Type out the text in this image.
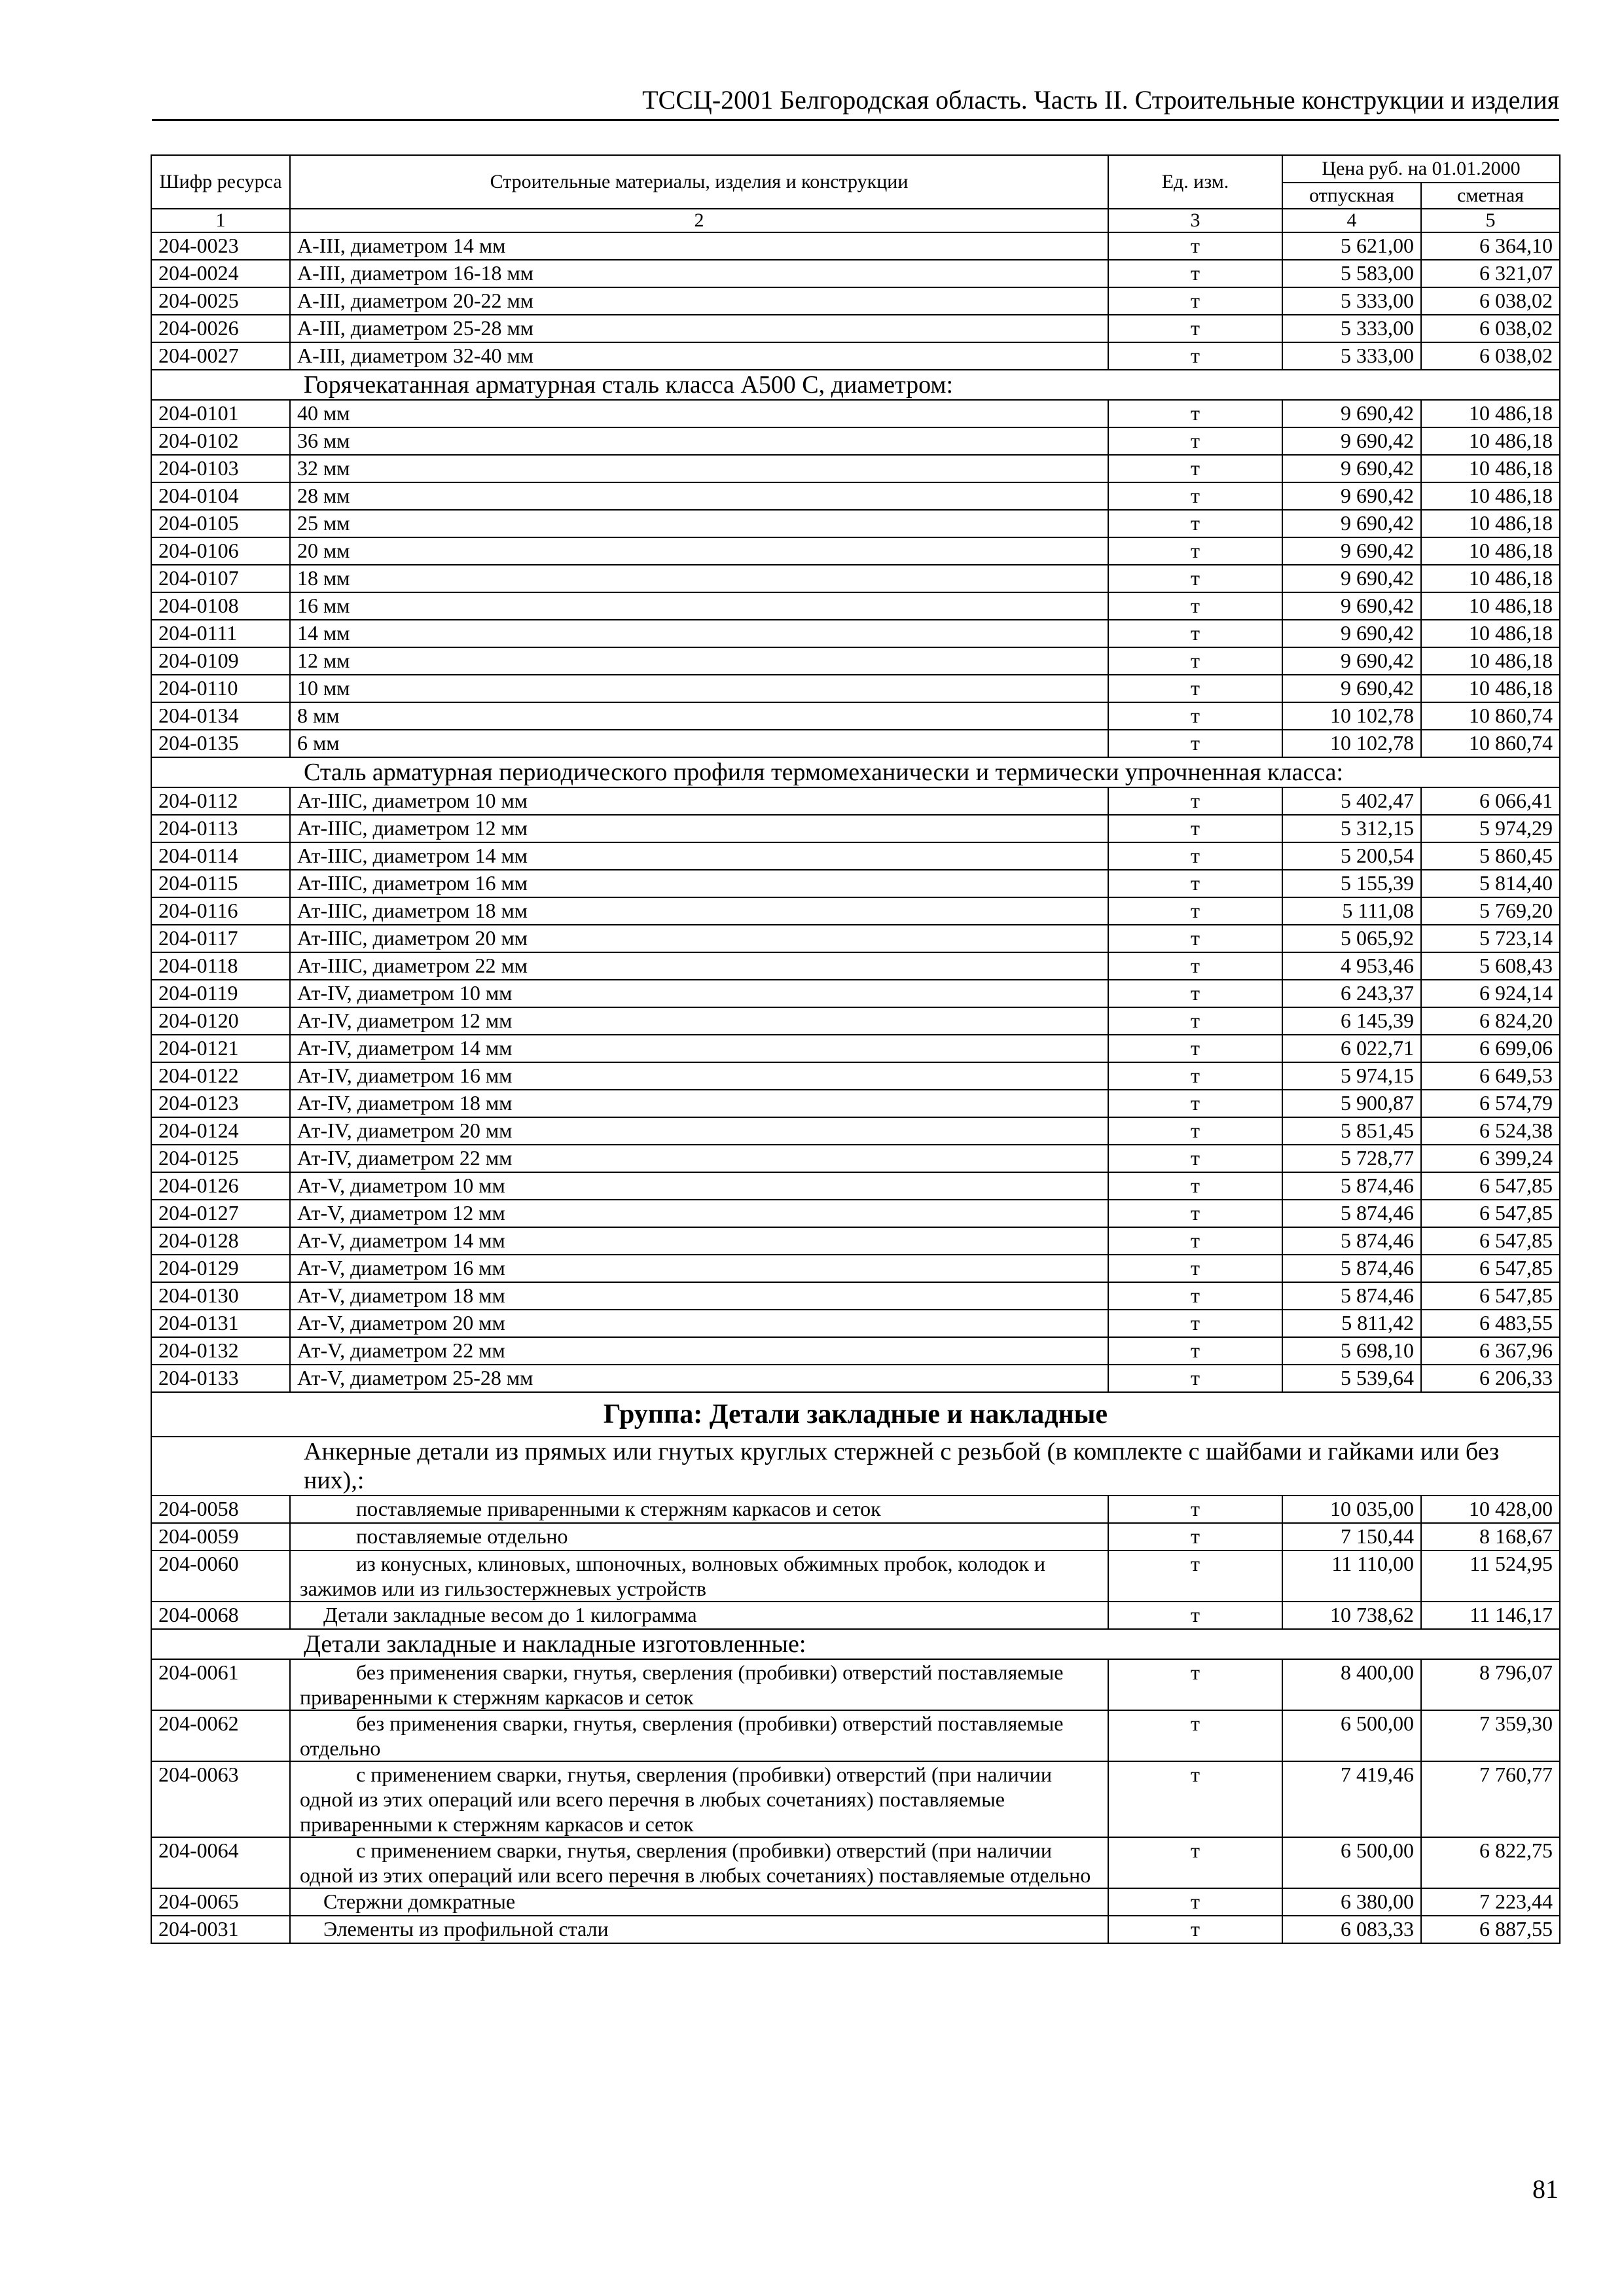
ТССЦ-2001 Белгородская область. Часть II. Строительные конструкции и изделия
Шифр ресурса	Строительные материалы, изделия и конструкции	Ед. изм.	Цена руб. на 01.01.2000	
			отпускная	сметная
1	2	3	4	5
204-0023	А-III, диаметром 14 мм	т	5 621,00	6 364,10
204-0024	А-III, диаметром 16-18 мм	т	5 583,00	6 321,07
204-0025	А-III, диаметром 20-22 мм	т	5 333,00	6 038,02
204-0026	А-III, диаметром 25-28 мм	т	5 333,00	6 038,02
204-0027	А-III, диаметром 32-40 мм	т	5 333,00	6 038,02
Горячекатанная арматурная сталь класса А500 С, диаметром:				
204-0101	40 мм	т	9 690,42	10 486,18
204-0102	36 мм	т	9 690,42	10 486,18
204-0103	32 мм	т	9 690,42	10 486,18
204-0104	28 мм	т	9 690,42	10 486,18
204-0105	25 мм	т	9 690,42	10 486,18
204-0106	20 мм	т	9 690,42	10 486,18
204-0107	18 мм	т	9 690,42	10 486,18
204-0108	16 мм	т	9 690,42	10 486,18
204-0111	14 мм	т	9 690,42	10 486,18
204-0109	12 мм	т	9 690,42	10 486,18
204-0110	10 мм	т	9 690,42	10 486,18
204-0134	8 мм	т	10 102,78	10 860,74
204-0135	6 мм	т	10 102,78	10 860,74
Сталь арматурная периодического профиля термомеханически и термически упрочненная класса:				
204-0112	Ат-IIIС, диаметром 10 мм	т	5 402,47	6 066,41
204-0113	Ат-IIIС, диаметром 12 мм	т	5 312,15	5 974,29
204-0114	Ат-IIIС, диаметром 14 мм	т	5 200,54	5 860,45
204-0115	Ат-IIIС, диаметром 16 мм	т	5 155,39	5 814,40
204-0116	Ат-IIIС, диаметром 18 мм	т	5 111,08	5 769,20
204-0117	Ат-IIIС, диаметром 20 мм	т	5 065,92	5 723,14
204-0118	Ат-IIIС, диаметром 22 мм	т	4 953,46	5 608,43
204-0119	Ат-IV, диаметром 10 мм	т	6 243,37	6 924,14
204-0120	Ат-IV, диаметром 12 мм	т	6 145,39	6 824,20
204-0121	Ат-IV, диаметром 14 мм	т	6 022,71	6 699,06
204-0122	Ат-IV, диаметром 16 мм	т	5 974,15	6 649,53
204-0123	Ат-IV, диаметром 18 мм	т	5 900,87	6 574,79
204-0124	Ат-IV, диаметром 20 мм	т	5 851,45	6 524,38
204-0125	Ат-IV, диаметром 22 мм	т	5 728,77	6 399,24
204-0126	Ат-V, диаметром 10 мм	т	5 874,46	6 547,85
204-0127	Ат-V, диаметром 12 мм	т	5 874,46	6 547,85
204-0128	Ат-V, диаметром 14 мм	т	5 874,46	6 547,85
204-0129	Ат-V, диаметром 16 мм	т	5 874,46	6 547,85
204-0130	Ат-V, диаметром 18 мм	т	5 874,46	6 547,85
204-0131	Ат-V, диаметром 20 мм	т	5 811,42	6 483,55
204-0132	Ат-V, диаметром 22 мм	т	5 698,10	6 367,96
204-0133	Ат-V, диаметром 25-28 мм	т	5 539,64	6 206,33
Группа: Детали закладные и накладные				
Анкерные детали из прямых или гнутых круглых стержней с резьбой (в комплекте с шайбами и гайками или без них),:				
204-0058	поставляемые приваренными к стержням каркасов и сеток	т	10 035,00	10 428,00
204-0059	поставляемые отдельно	т	7 150,44	8 168,67
204-0060	из конусных, клиновых, шпоночных, волновых обжимных пробок, колодок и зажимов или из гильзостержневых устройств	т	11 110,00	11 524,95
204-0068	Детали закладные весом до 1 килограмма	т	10 738,62	11 146,17
Детали закладные и накладные изготовленные:				
204-0061	без применения сварки, гнутья, сверления (пробивки) отверстий поставляемые приваренными к стержням каркасов и сеток	т	8 400,00	8 796,07
204-0062	без применения сварки, гнутья, сверления (пробивки) отверстий поставляемые отдельно	т	6 500,00	7 359,30
204-0063	с применением сварки, гнутья, сверления (пробивки) отверстий (при наличии одной из этих операций или всего перечня в любых сочетаниях) поставляемые приваренными к стержням каркасов и сеток	т	7 419,46	7 760,77
204-0064	с применением сварки, гнутья, сверления (пробивки) отверстий (при наличии одной из этих операций или всего перечня в любых сочетаниях) поставляемые отдельно	т	6 500,00	6 822,75
204-0065	Стержни домкратные	т	6 380,00	7 223,44
204-0031	Элементы из профильной стали	т	6 083,33	6 887,55
81
